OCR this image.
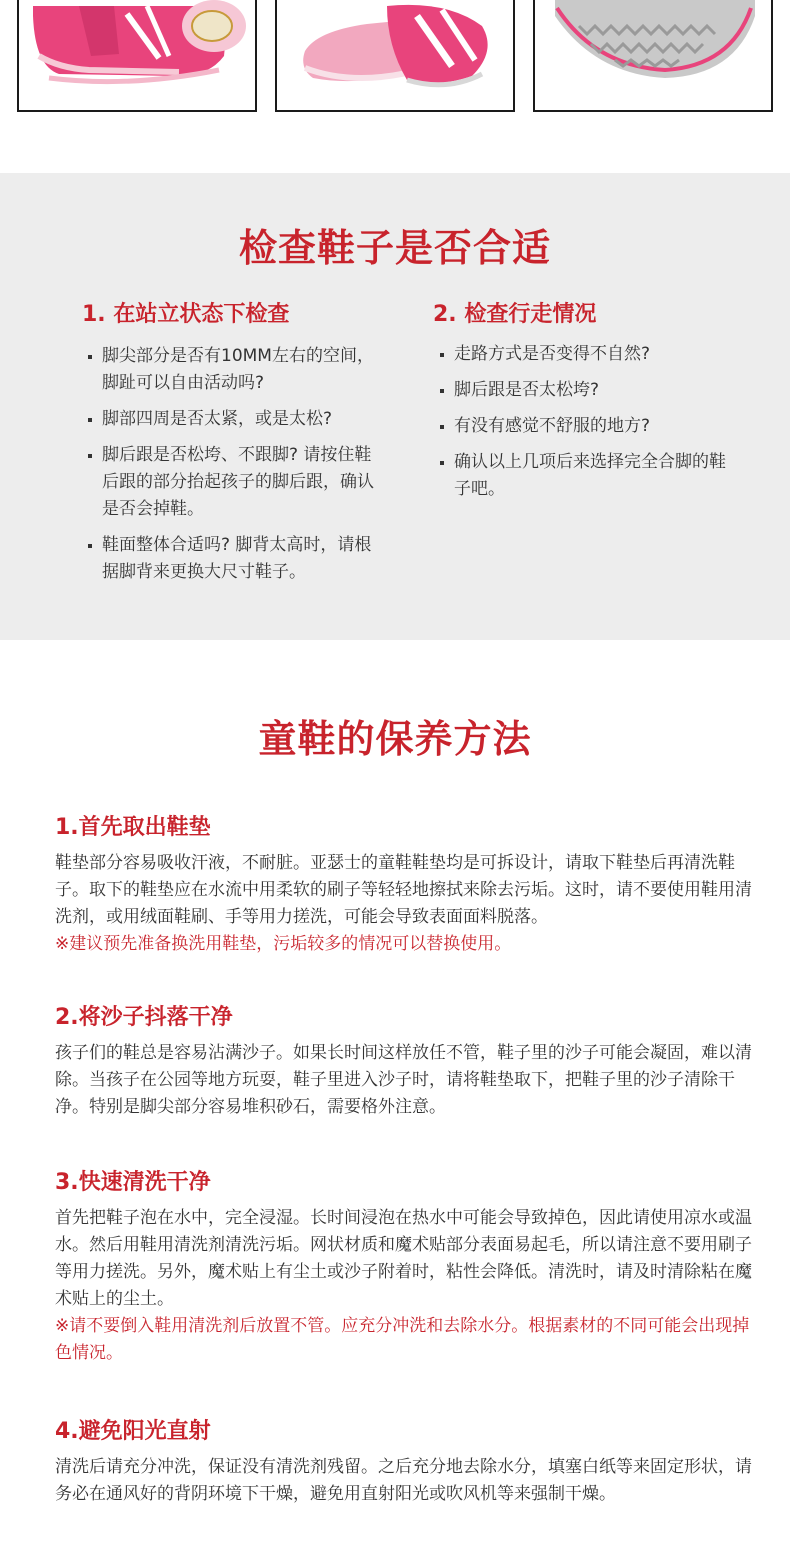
检查鞋子是否合适
1. 在站立状态下检查
脚尖部分是否有10MM左右的空间，脚趾可以自由活动吗?
脚部四周是否太紧，或是太松?
脚后跟是否松垮、不跟脚? 请按住鞋后跟的部分抬起孩子的脚后跟，确认是否会掉鞋。
鞋面整体合适吗? 脚背太高时，请根据脚背来更换大尺寸鞋子。
2. 检查行走情况
走路方式是否变得不自然?
脚后跟是否太松垮?
有没有感觉不舒服的地方?
确认以上几项后来选择完全合脚的鞋子吧。
童鞋的保养方法
1.首先取出鞋垫

鞋垫部分容易吸收汗液，不耐脏。亚瑟士的童鞋鞋垫均是可拆设计，请取下鞋垫后再清洗鞋子。取下的鞋垫应在水流中用柔软的刷子等轻轻地擦拭来除去污垢。这时，请不要使用鞋用清洗剂，或用绒面鞋刷、手等用力搓洗，可能会导致表面面料脱落。

※建议预先准备换洗用鞋垫，污垢较多的情况可以替换使用。

2.将沙子抖落干净

孩子们的鞋总是容易沾满沙子。如果长时间这样放任不管，鞋子里的沙子可能会凝固，难以清除。当孩子在公园等地方玩耍，鞋子里进入沙子时，请将鞋垫取下，把鞋子里的沙子清除干净。特别是脚尖部分容易堆积砂石，需要格外注意。

3.快速清洗干净

首先把鞋子泡在水中，完全浸湿。长时间浸泡在热水中可能会导致掉色，因此请使用凉水或温水。然后用鞋用清洗剂清洗污垢。网状材质和魔术贴部分表面易起毛，所以请注意不要用刷子等用力搓洗。另外，魔术贴上有尘土或沙子附着时，粘性会降低。清洗时，请及时清除粘在魔术贴上的尘土。

※请不要倒入鞋用清洗剂后放置不管。应充分冲洗和去除水分。根据素材的不同可能会出现掉色情况。

4.避免阳光直射

清洗后请充分冲洗，保证没有清洗剂残留。之后充分地去除水分，填塞白纸等来固定形状，请务必在通风好的背阴环境下干燥，避免用直射阳光或吹风机等来强制干燥。
